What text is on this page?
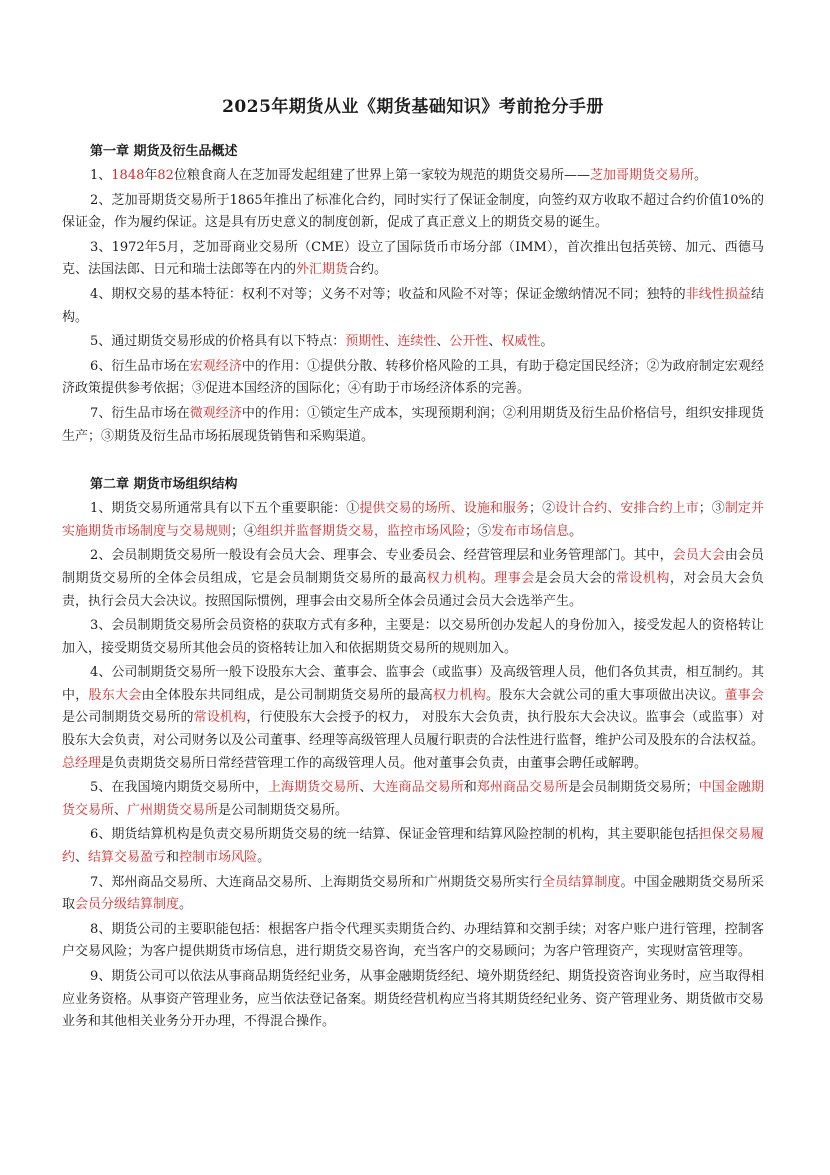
2025年期货从业《期货基础知识》考前抢分手册
第一章 期货及衍生品概述

1、1848年82位粮食商人在芝加哥发起组建了世界上第一家较为规范的期货交易所——芝加哥期货交易所。

2、芝加哥期货交易所于1865年推出了标准化合约，同时实行了保证金制度，向签约双方收取不超过合约价值10%的保证金，作为履约保证。这是具有历史意义的制度创新，促成了真正意义上的期货交易的诞生。

3、1972年5月，芝加哥商业交易所（CME）设立了国际货币市场分部（IMM），首次推出包括英镑、加元、西德马克、法国法郎、日元和瑞士法郎等在内的外汇期货合约。

4、期权交易的基本特征：权利不对等；义务不对等；收益和风险不对等；保证金缴纳情况不同；独特的非线性损益结构。

5、通过期货交易形成的价格具有以下特点：预期性、连续性、公开性、权威性。

6、衍生品市场在宏观经济中的作用：①提供分散、转移价格风险的工具，有助于稳定国民经济；②为政府制定宏观经济政策提供参考依据；③促进本国经济的国际化；④有助于市场经济体系的完善。

7、衍生品市场在微观经济中的作用：①锁定生产成本，实现预期利润；②利用期货及衍生品价格信号，组织安排现货生产；③期货及衍生品市场拓展现货销售和采购渠道。

第二章 期货市场组织结构

1、期货交易所通常具有以下五个重要职能：①提供交易的场所、设施和服务；②设计合约、安排合约上市；③制定并实施期货市场制度与交易规则；④组织并监督期货交易，监控市场风险；⑤发布市场信息。

2、会员制期货交易所一般设有会员大会、理事会、专业委员会、经营管理层和业务管理部门。其中，会员大会由会员制期货交易所的全体会员组成，它是会员制期货交易所的最高权力机构。理事会是会员大会的常设机构，对会员大会负责，执行会员大会决议。按照国际惯例，理事会由交易所全体会员通过会员大会选举产生。

3、会员制期货交易所会员资格的获取方式有多种，主要是：以交易所创办发起人的身份加入，接受发起人的资格转让加入，接受期货交易所其他会员的资格转让加入和依据期货交易所的规则加入。

4、公司制期货交易所一般下设股东大会、董事会、监事会（或监事）及高级管理人员，他们各负其责，相互制约。其中，股东大会由全体股东共同组成，是公司制期货交易所的最高权力机构。股东大会就公司的重大事项做出决议。董事会是公司制期货交易所的常设机构，行使股东大会授予的权力， 对股东大会负责，执行股东大会决议。监事会（或监事）对股东大会负责，对公司财务以及公司董事、经理等高级管理人员履行职责的合法性进行监督，维护公司及股东的合法权益。总经理是负责期货交易所日常经营管理工作的高级管理人员。他对董事会负责，由董事会聘任或解聘。

5、在我国境内期货交易所中，上海期货交易所、大连商品交易所和郑州商品交易所是会员制期货交易所；中国金融期货交易所、广州期货交易所是公司制期货交易所。

6、期货结算机构是负责交易所期货交易的统一结算、保证金管理和结算风险控制的机构，其主要职能包括担保交易履约、结算交易盈亏和控制市场风险。

7、郑州商品交易所、大连商品交易所、上海期货交易所和广州期货交易所实行全员结算制度。中国金融期货交易所采取会员分级结算制度。

8、期货公司的主要职能包括：根据客户指令代理买卖期货合约、办理结算和交割手续；对客户账户进行管理，控制客户交易风险；为客户提供期货市场信息，进行期货交易咨询，充当客户的交易顾问；为客户管理资产，实现财富管理等。

9、期货公司可以依法从事商品期货经纪业务，从事金融期货经纪、境外期货经纪、期货投资咨询业务时，应当取得相应业务资格。从事资产管理业务，应当依法登记备案。期货经营机构应当将其期货经纪业务、资产管理业务、期货做市交易业务和其他相关业务分开办理，不得混合操作。
